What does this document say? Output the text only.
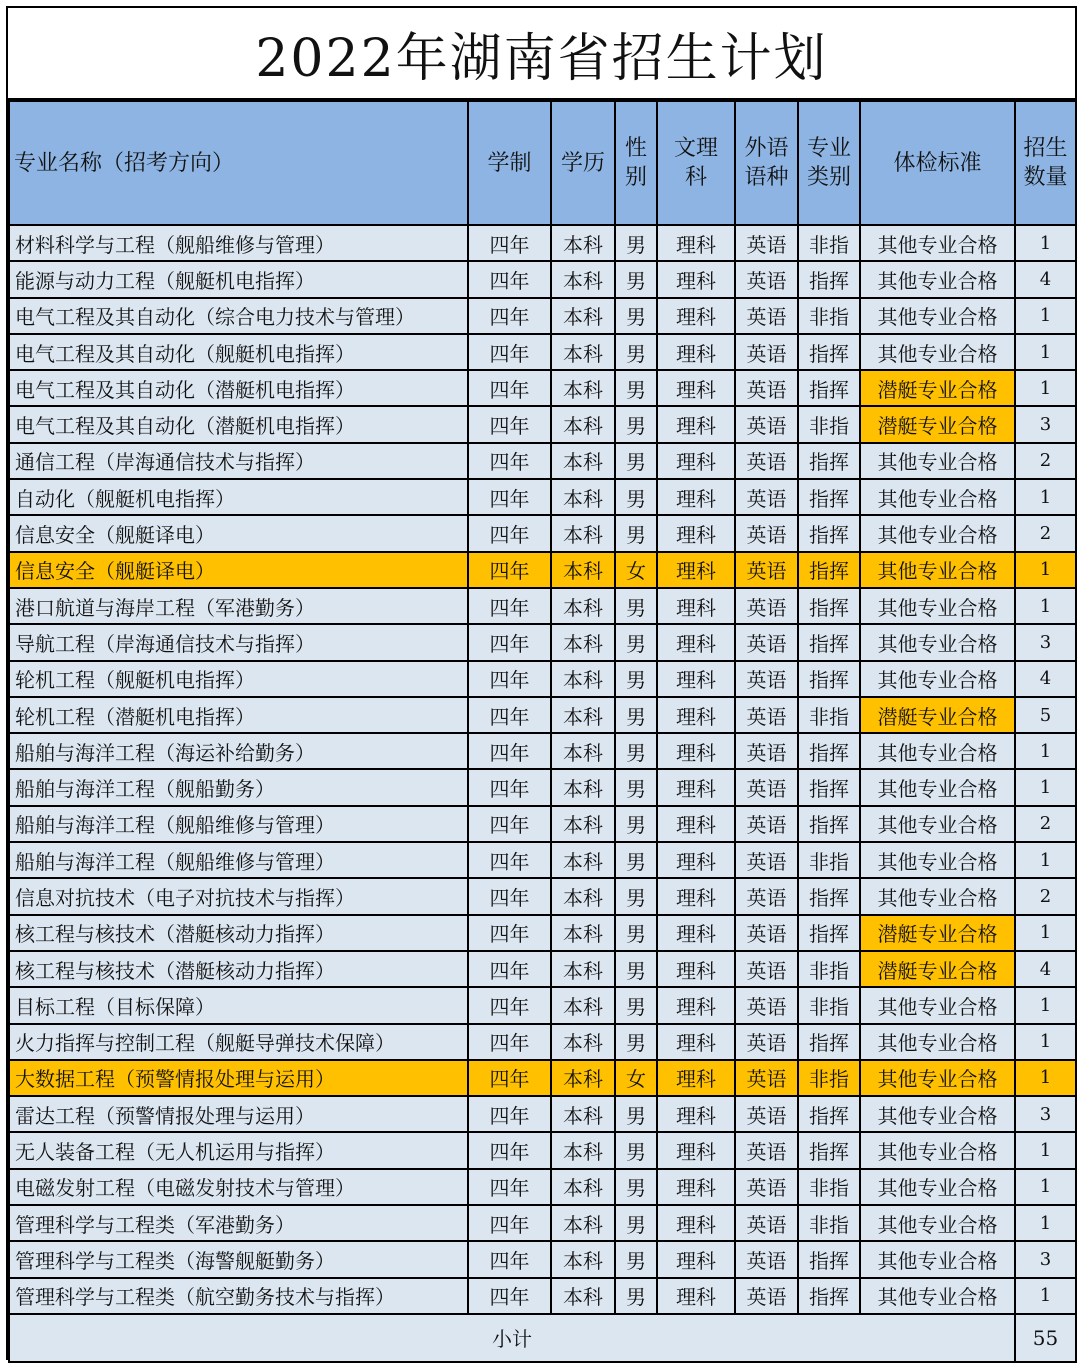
2022年湖南省招生计划
专业名称（招考方向）	学制	学历	性别	文理科	外语语种	专业类别	体检标准	招生数量
材料科学与工程（舰船维修与管理）	四年	本科	男	理科	英语	非指	其他专业合格	1
能源与动力工程（舰艇机电指挥）	四年	本科	男	理科	英语	指挥	其他专业合格	4
电气工程及其自动化（综合电力技术与管理）	四年	本科	男	理科	英语	非指	其他专业合格	1
电气工程及其自动化（舰艇机电指挥）	四年	本科	男	理科	英语	指挥	其他专业合格	1
电气工程及其自动化（潜艇机电指挥）	四年	本科	男	理科	英语	指挥	潜艇专业合格	1
电气工程及其自动化（潜艇机电指挥）	四年	本科	男	理科	英语	非指	潜艇专业合格	3
通信工程（岸海通信技术与指挥）	四年	本科	男	理科	英语	指挥	其他专业合格	2
自动化（舰艇机电指挥）	四年	本科	男	理科	英语	指挥	其他专业合格	1
信息安全（舰艇译电）	四年	本科	男	理科	英语	指挥	其他专业合格	2
信息安全（舰艇译电）	四年	本科	女	理科	英语	指挥	其他专业合格	1
港口航道与海岸工程（军港勤务）	四年	本科	男	理科	英语	指挥	其他专业合格	1
导航工程（岸海通信技术与指挥）	四年	本科	男	理科	英语	指挥	其他专业合格	3
轮机工程（舰艇机电指挥）	四年	本科	男	理科	英语	指挥	其他专业合格	4
轮机工程（潜艇机电指挥）	四年	本科	男	理科	英语	非指	潜艇专业合格	5
船舶与海洋工程（海运补给勤务）	四年	本科	男	理科	英语	指挥	其他专业合格	1
船舶与海洋工程（舰船勤务）	四年	本科	男	理科	英语	指挥	其他专业合格	1
船舶与海洋工程（舰船维修与管理）	四年	本科	男	理科	英语	指挥	其他专业合格	2
船舶与海洋工程（舰船维修与管理）	四年	本科	男	理科	英语	非指	其他专业合格	1
信息对抗技术（电子对抗技术与指挥）	四年	本科	男	理科	英语	指挥	其他专业合格	2
核工程与核技术（潜艇核动力指挥）	四年	本科	男	理科	英语	指挥	潜艇专业合格	1
核工程与核技术（潜艇核动力指挥）	四年	本科	男	理科	英语	非指	潜艇专业合格	4
目标工程（目标保障）	四年	本科	男	理科	英语	非指	其他专业合格	1
火力指挥与控制工程（舰艇导弹技术保障）	四年	本科	男	理科	英语	指挥	其他专业合格	1
大数据工程（预警情报处理与运用）	四年	本科	女	理科	英语	非指	其他专业合格	1
雷达工程（预警情报处理与运用）	四年	本科	男	理科	英语	指挥	其他专业合格	3
无人装备工程（无人机运用与指挥）	四年	本科	男	理科	英语	指挥	其他专业合格	1
电磁发射工程（电磁发射技术与管理）	四年	本科	男	理科	英语	非指	其他专业合格	1
管理科学与工程类（军港勤务）	四年	本科	男	理科	英语	非指	其他专业合格	1
管理科学与工程类（海警舰艇勤务）	四年	本科	男	理科	英语	指挥	其他专业合格	3
管理科学与工程类（航空勤务技术与指挥）	四年	本科	男	理科	英语	指挥	其他专业合格	1
小计								55
